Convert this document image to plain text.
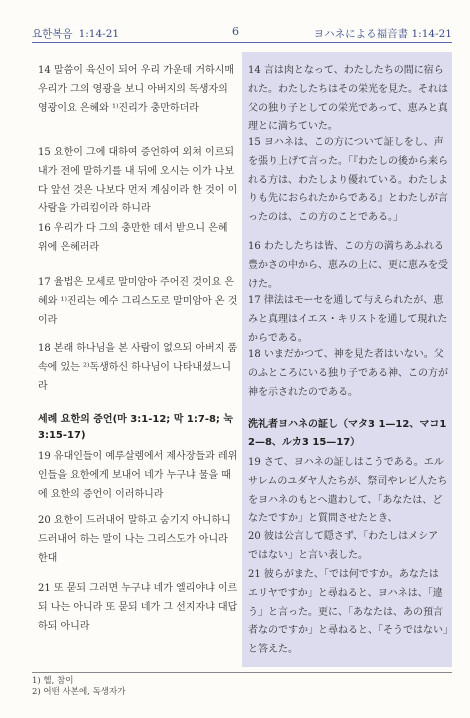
요한복음 1:14-21	6	ヨハネによる福音書 1:14-21
14 말씀이 육신이 되어 우리 가운데 거하시매 우리가 그의 영광을 보니 아버지의 독생자의 영광이요 은혜와 ¹⁾진리가 충만하더라
15 요한이 그에 대하여 증언하여 외쳐 이르되 내가 전에 말하기를 내 뒤에 오시는 이가 나보다 앞선 것은 나보다 먼저 계심이라 한 것이 이 사람을 가리킴이라 하니라
16 우리가 다 그의 충만한 데서 받으니 은혜 위에 은혜러라
17 율법은 모세로 말미암아 주어진 것이요 은혜와 ¹⁾진리는 예수 그리스도로 말미암아 온 것이라
18 본래 하나님을 본 사람이 없으되 아버지 품 속에 있는 ²⁾독생하신 하나님이 나타내셨느니라
세례 요한의 증언(마 3:1-12; 막 1:7-8; 눅 3:15-17)
19 유대인들이 예루살렘에서 제사장들과 레위인들을 요한에게 보내어 네가 누구냐 물을 때에 요한의 증언이 이러하니라
20 요한이 드러내어 말하고 숨기지 아니하니 드러내어 하는 말이 나는 그리스도가 아니라 한대
21 또 묻되 그러면 누구냐 네가 엘리야냐 이르되 나는 아니라 또 묻되 네가 그 선지자냐 대답하되 아니라
14 言は肉となって、わたしたちの間に宿られた。わたしたちはその栄光を見た。それは父の独り子としての栄光であって、恵みと真理とに満ちていた。
15 ヨハネは、この方について証しをし、声を張り上げて言った。「『わたしの後から来られる方は、わたしより優れている。わたしよりも先におられたからである』とわたしが言ったのは、この方のことである。」
16 わたしたちは皆、この方の満ちあふれる豊かさの中から、恵みの上に、更に恵みを受けた。
17 律法はモーセを通して与えられたが、恵みと真理はイエス・キリストを通して現れたからである。
18 いまだかつて、神を見た者はいない。父のふところにいる独り子である神、この方が神を示されたのである。
洗礼者ヨハネの証し（マタ3 1—12、マコ1 2—8、ルカ3 15—17）
19 さて、ヨハネの証しはこうである。エルサレムのユダヤ人たちが、祭司やレビ人たちをヨハネのもとへ遣わして、「あなたは、どなたですか」と質問させたとき、
20 彼は公言して隠さず、「わたしはメシアではない」と言い表した。
21 彼らがまた、「では何ですか。あなたはエリヤですか」と尋ねると、ヨハネは、「違う」と言った。更に、「あなたは、あの預言者なのですか」と尋ねると、「そうではない」と答えた。
1) 헬, 참이
2) 어떤 사본에, 독생자가
